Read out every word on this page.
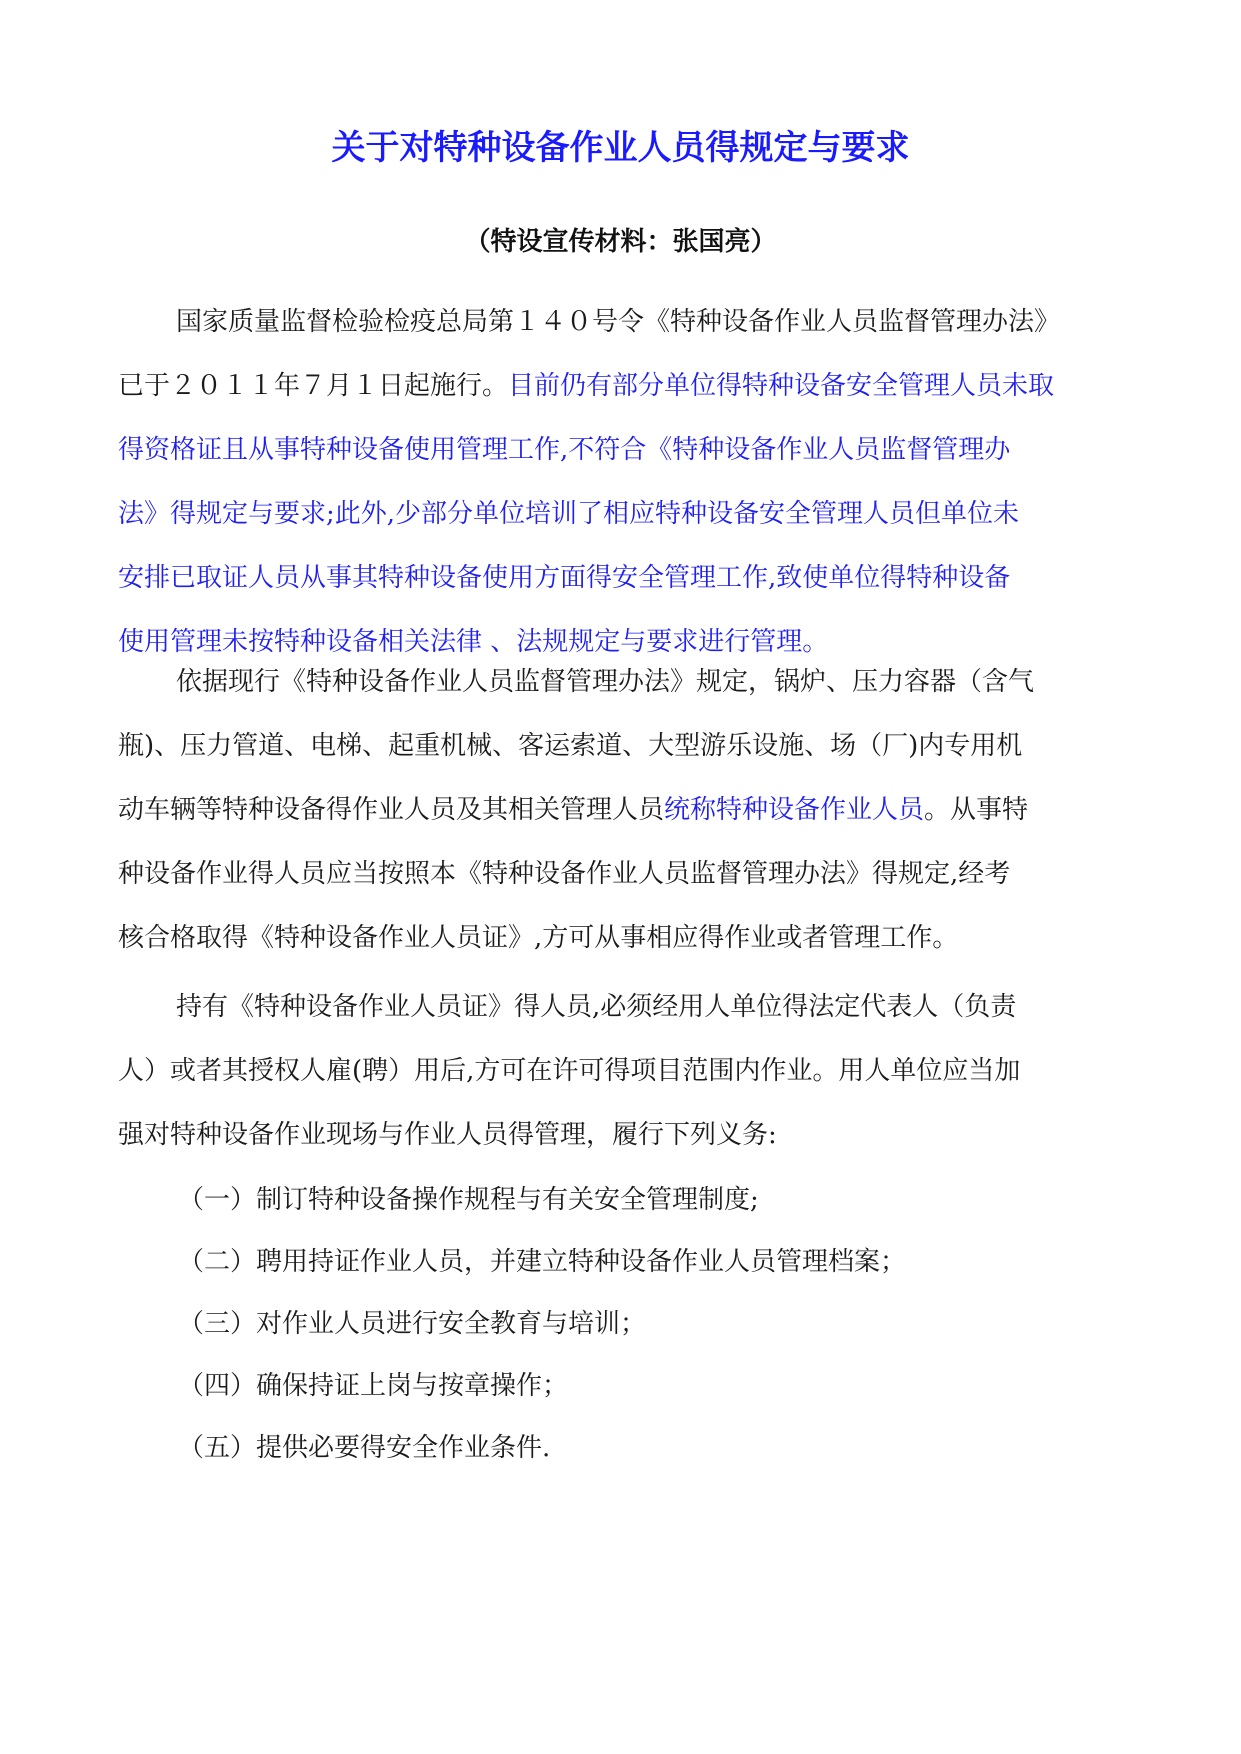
关于对特种设备作业人员得规定与要求

（特设宣传材料：张国亮）

国家质量监督检验检疫总局第１４０号令《特种设备作业人员监督管理办法》
已于２０１１年７月１日起施行。目前仍有部分单位得特种设备安全管理人员未取
得资格证且从事特种设备使用管理工作,不符合《特种设备作业人员监督管理办
法》得规定与要求;此外,少部分单位培训了相应特种设备安全管理人员但单位未
安排已取证人员从事其特种设备使用方面得安全管理工作,致使单位得特种设备
使用管理未按特种设备相关法律 、法规规定与要求进行管理。
依据现行《特种设备作业人员监督管理办法》规定，锅炉、压力容器（含气
瓶)、压力管道、电梯、起重机械、客运索道、大型游乐设施、场（厂)内专用机
动车辆等特种设备得作业人员及其相关管理人员统称特种设备作业人员。从事特
种设备作业得人员应当按照本《特种设备作业人员监督管理办法》得规定,经考
核合格取得《特种设备作业人员证》,方可从事相应得作业或者管理工作。
持有《特种设备作业人员证》得人员,必须经用人单位得法定代表人（负责
人）或者其授权人雇(聘）用后,方可在许可得项目范围内作业。用人单位应当加
强对特种设备作业现场与作业人员得管理，履行下列义务:

（一）制订特种设备操作规程与有关安全管理制度;

（二）聘用持证作业人员，并建立特种设备作业人员管理档案；

（三）对作业人员进行安全教育与培训；

（四）确保持证上岗与按章操作；

（五）提供必要得安全作业条件.
